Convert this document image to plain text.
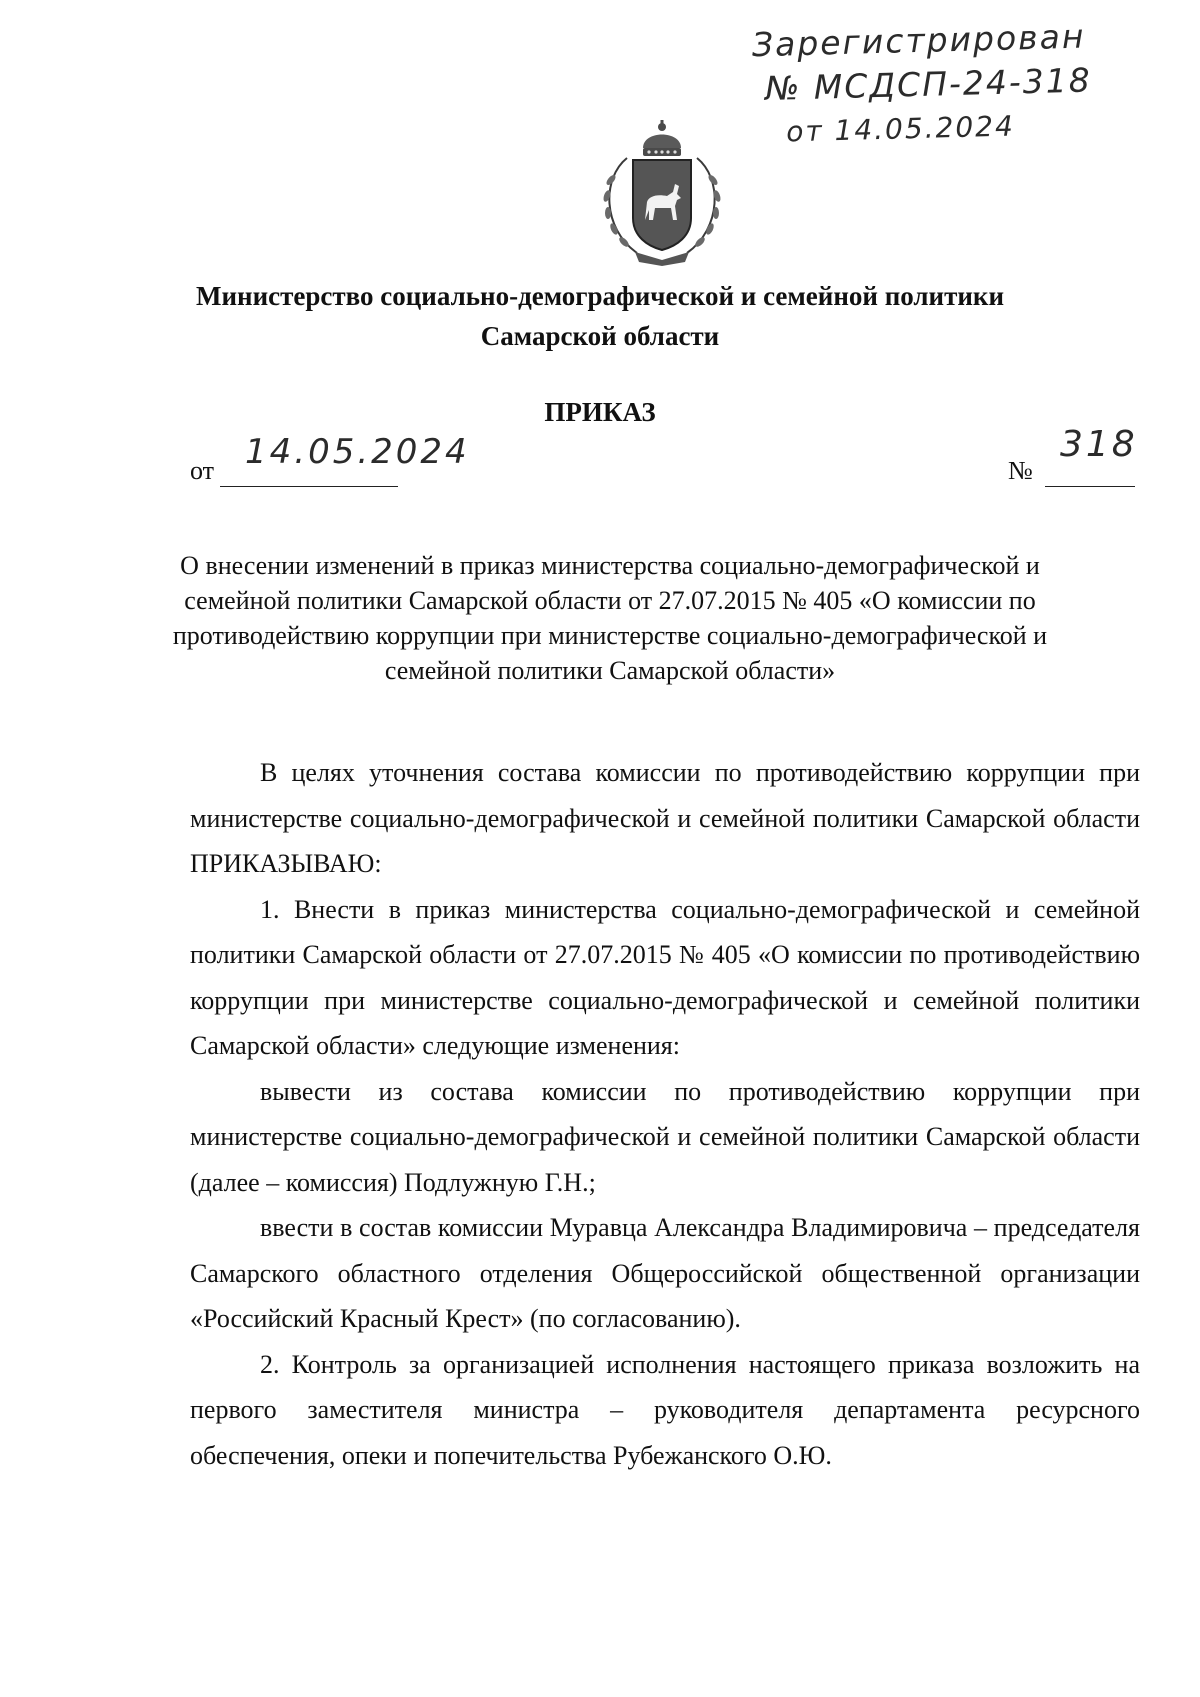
Зарегистрирован
№ МСДСП-24-318
от 14.05.2024
Министерство социально-демографической и семейной политики
Самарской области
ПРИКАЗ
от 14.05.2024	№
318
О внесении изменений в приказ министерства социально-демографической и семейной политики Самарской области от 27.07.2015 № 405 «О комиссии по противодействию коррупции при министерстве социально-демографической и семейной политики Самарской области»

В целях уточнения состава комиссии по противодействию коррупции при министерстве социально-демографической и семейной политики Самарской области ПРИКАЗЫВАЮ:

1. Внести в приказ министерства социально-демографической и семейной политики Самарской области от 27.07.2015 № 405 «О комиссии по противодействию коррупции при министерстве социально-демографической и семейной политики Самарской области» следующие изменения:

вывести из состава комиссии по противодействию коррупции при министерстве социально-демографической и семейной политики Самарской области (далее – комиссия) Подлужную Г.Н.;

ввести в состав комиссии Муравца Александра Владимировича – председателя Самарского областного отделения Общероссийской общественной организации «Российский Красный Крест» (по согласованию).

2. Контроль за организацией исполнения настоящего приказа возложить на первого заместителя министра – руководителя департамента ресурсного обеспечения, опеки и попечительства Рубежанского О.Ю.
